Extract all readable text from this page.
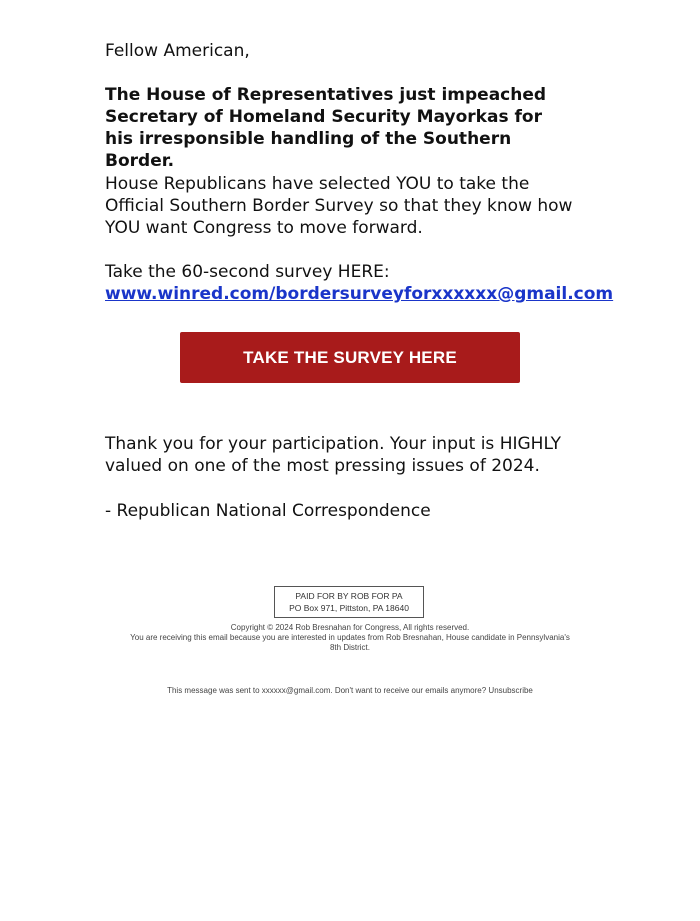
Fellow American,

The House of Representatives just impeached Secretary of Homeland Security Mayorkas for his irresponsible handling of the Southern Border.

House Republicans have selected YOU to take the Official Southern Border Survey so that they know how YOU want Congress to move forward.

Take the 60-second survey HERE:
www.winred.com/bordersurveyforxxxxxx@gmail.com
TAKE THE SURVEY HERE

Thank you for your participation. Your input is HIGHLY valued on one of the most pressing issues of 2024.

- Republican National Correspondence

PAID FOR BY ROB FOR PA
PO Box 971, Pittston, PA 18640
Copyright © 2024 Rob Bresnahan for Congress, All rights reserved.
You are receiving this email because you are interested in updates from Rob Bresnahan, House candidate in Pennsylvania's 8th District.

This message was sent to xxxxxx@gmail.com. Don't want to receive our emails anymore? Unsubscribe
